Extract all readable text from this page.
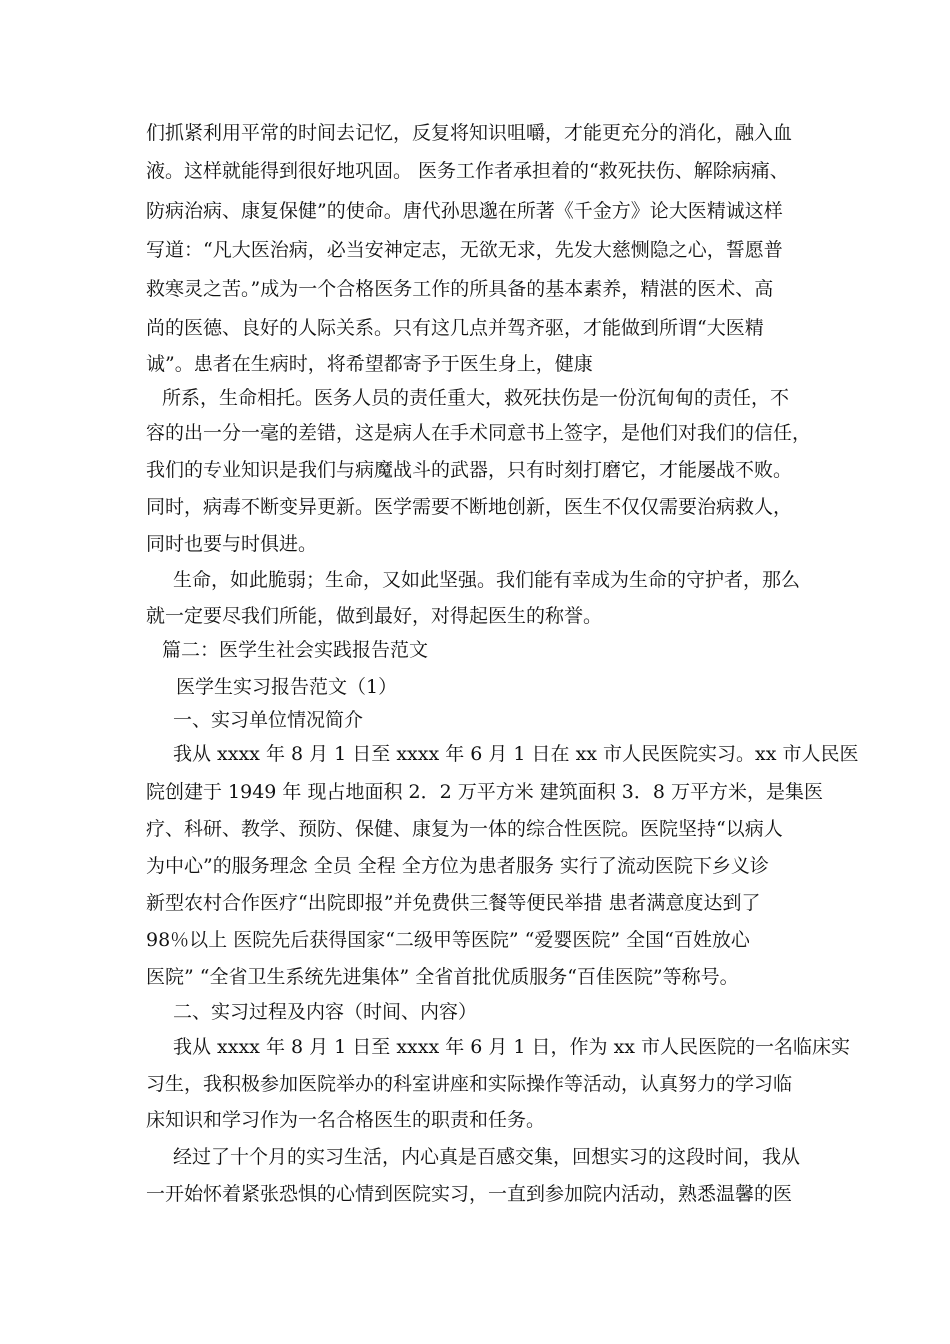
们抓紧利用平常的时间去记忆，反复将知识咀嚼，才能更充分的消化，融入血

液。这样就能得到很好地巩固。 医务工作者承担着的“救死扶伤、解除病痛、

防病治病、康复保健”的使命。唐代孙思邈在所著《千金方》论大医精诚这样

写道：“凡大医治病，必当安神定志，无欲无求，先发大慈恻隐之心，誓愿普

救寒灵之苦。”成为一个合格医务工作的所具备的基本素养，精湛的医术、高

尚的医德、良好的人际关系。只有这几点并驾齐驱，才能做到所谓“大医精

诚”。患者在生病时，将希望都寄予于医生身上，健康

所系，生命相托。医务人员的责任重大，救死扶伤是一份沉甸甸的责任，不

容的出一分一毫的差错，这是病人在手术同意书上签字，是他们对我们的信任，

我们的专业知识是我们与病魔战斗的武器，只有时刻打磨它，才能屡战不败。

同时，病毒不断变异更新。医学需要不断地创新，医生不仅仅需要治病救人，

同时也要与时俱进。

生命，如此脆弱；生命，又如此坚强。我们能有幸成为生命的守护者，那么

就一定要尽我们所能，做到最好，对得起医生的称誉。

篇二：医学生社会实践报告范文

医学生实习报告范文（1）

一、实习单位情况简介

我从 xxxx 年 8 月 1 日至 xxxx 年 6 月 1 日在 xx 市人民医院实习。xx 市人民医

院创建于 1949 年 现占地面积 2．2 万平方米 建筑面积 3．8 万平方米，是集医

疗、科研、教学、预防、保健、康复为一体的综合性医院。医院坚持“以病人

为中心”的服务理念 全员 全程 全方位为患者服务 实行了流动医院下乡义诊

新型农村合作医疗“出院即报”并免费供三餐等便民举措 患者满意度达到了

98％以上 医院先后获得国家“二级甲等医院” “爱婴医院” 全国“百姓放心

医院” “全省卫生系统先进集体” 全省首批优质服务“百佳医院”等称号。

二、实习过程及内容（时间、内容）

我从 xxxx 年 8 月 1 日至 xxxx 年 6 月 1 日，作为 xx 市人民医院的一名临床实

习生，我积极参加医院举办的科室讲座和实际操作等活动，认真努力的学习临

床知识和学习作为一名合格医生的职责和任务。

经过了十个月的实习生活，内心真是百感交集，回想实习的这段时间，我从

一开始怀着紧张恐惧的心情到医院实习，一直到参加院内活动，熟悉温馨的医
